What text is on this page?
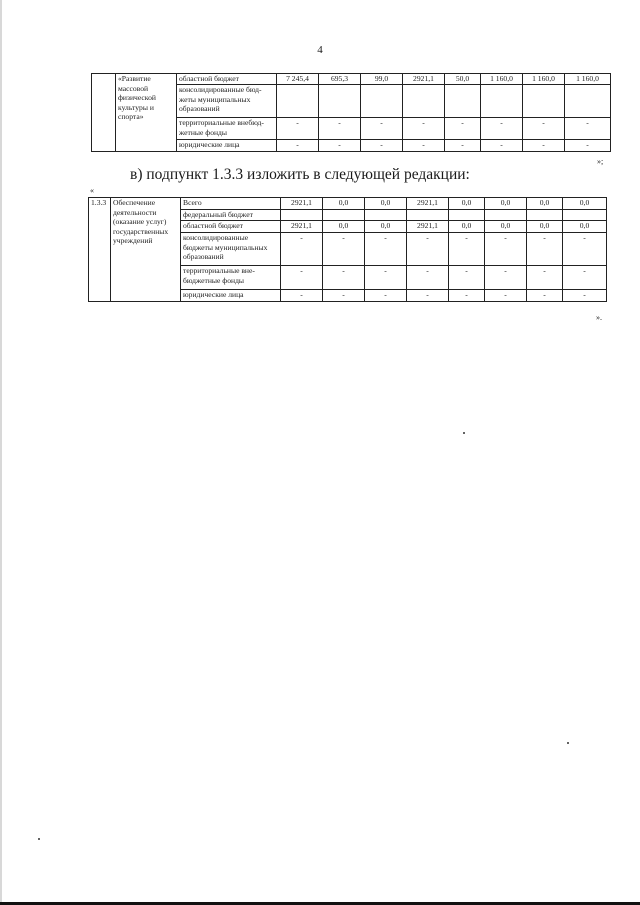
4
	«Развитие массовой физической культуры и спорта»	областной бюджет	7 245,4	695,3	99,0	2921,1	50,0	1 160,0	1 160,0	1 160,0
		консолидированные бюд-жеты муниципальных образований								
		территориальные внебюд-жетные фонды	-	-	-	-	-	-	-	-
		юридические лица	-	-	-	-	-	-	-	-
»;
в) подпункт 1.3.3 изложить в следующей редакции:
«
1.3.3	Обеспечение деятельности (оказание услуг) государственных учреждений	Всего	2921,1	0,0	0,0	2921,1	0,0	0,0	0,0	0,0
		федеральный бюджет								
		областной бюджет	2921,1	0,0	0,0	2921,1	0,0	0,0	0,0	0,0
		консолидированные бюджеты муниципальных образований	-	-	-	-	-	-	-	-
		территориальные вне-бюджетные фонды	-	-	-	-	-	-	-	-
		юридические лица	-	-	-	-	-	-	-	-
».
